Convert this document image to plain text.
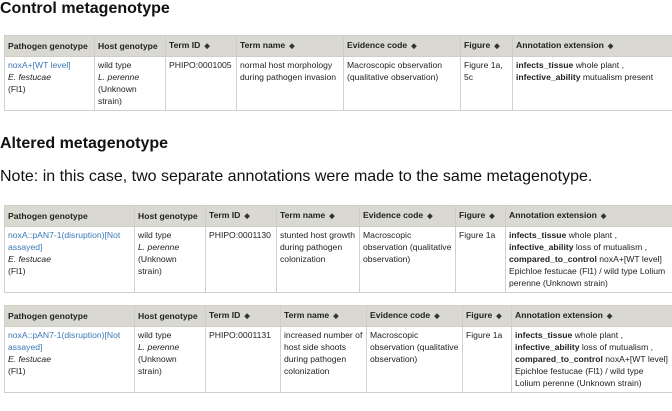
Control metagenotype
Pathogen genotype	Host genotype	Term ID ◆	Term name ◆	Evidence code ◆	Figure ◆	Annotation extension ◆
noxA+[WT level]
E. festucae
(Fl1)	wild type
L. perenne
(Unknown strain)	PHIPO:0001005	normal host morphology during pathogen invasion	Macroscopic observation (qualitative observation)	Figure 1a, 5c	infects_tissue whole plant ,
infective_ability mutualism present
Altered metagenotype

Note: in this case, two separate annotations were made to the same metagenotype.

Pathogen genotype	Host genotype	Term ID ◆	Term name ◆	Evidence code ◆	Figure ◆	Annotation extension ◆
noxA::pAN7-1(disruption)[Not assayed]
E. festucae
(Fl1)	wild type
L. perenne
(Unknown strain)	PHIPO:0001130	stunted host growth during pathogen colonization	Macroscopic observation (qualitative observation)	Figure 1a	infects_tissue whole plant ,
infective_ability loss of mutualism ,
compared_to_control noxA+[WT level] Epichloe festucae (Fl1) / wild type Lolium perenne (Unknown strain)
Pathogen genotype	Host genotype	Term ID ◆	Term name ◆	Evidence code ◆	Figure ◆	Annotation extension ◆
noxA::pAN7-1(disruption)[Not assayed]
E. festucae
(Fl1)	wild type
L. perenne
(Unknown strain)	PHIPO:0001131	increased number of host side shoots during pathogen colonization	Macroscopic observation (qualitative observation)	Figure 1a	infects_tissue whole plant ,
infective_ability loss of mutualism ,
compared_to_control noxA+[WT level] Epichloe festucae (Fl1) / wild type Lolium perenne (Unknown strain)
